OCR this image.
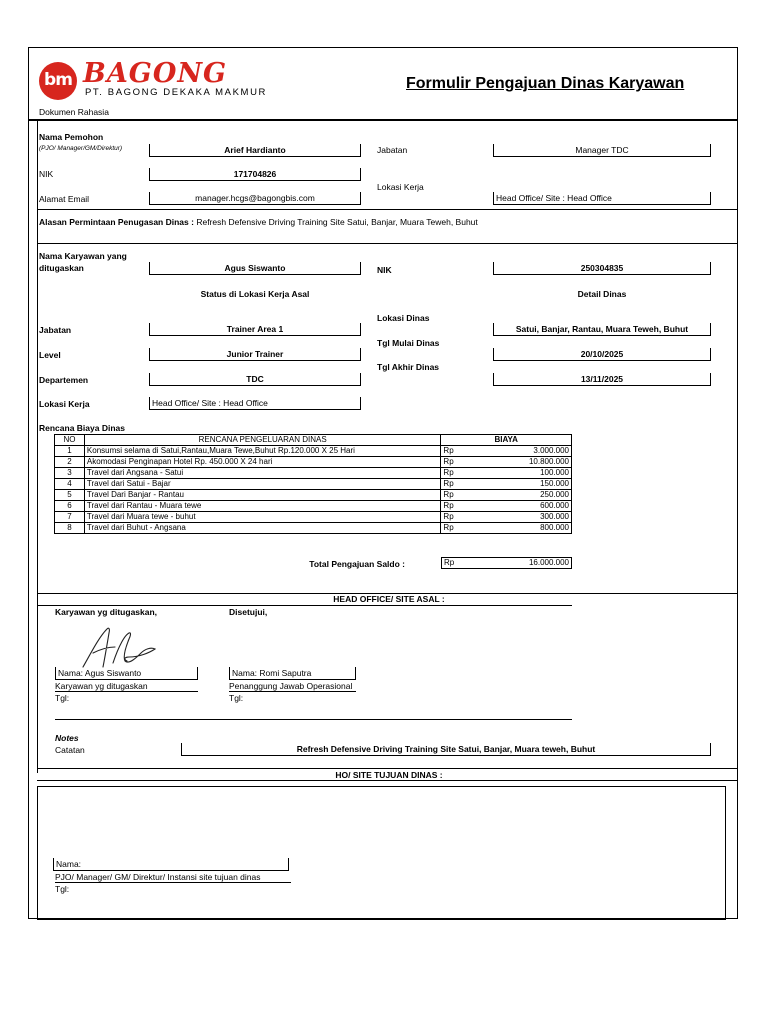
bm BAGONG
PT. BAGONG DEKAKA MAKMUR
Formulir Pengajuan Dinas Karyawan
Dokumen Rahasia
Nama Pemohon
(PJO/ Manager/GM/Direktur)	Arief Hardianto	Jabatan	Manager TDC
NIK	171704826
Lokasi Kerja
Alamat Email	manager.hcgs@bagongbis.com	Head Office/ Site : Head Office
Alasan Permintaan Penugasan Dinas : Refresh Defensive Driving Training Site Satui, Banjar, Muara Teweh, Buhut
Nama Karyawan yang
ditugaskan	Agus Siswanto	NIK	250304835
Status di Lokasi Kerja Asal	Detail Dinas
Lokasi Dinas
Jabatan	Trainer Area 1	Satui, Banjar, Rantau, Muara Teweh, Buhut
Tgl Mulai Dinas
Level	Junior Trainer	20/10/2025
Tgl Akhir Dinas
Departemen	TDC	13/11/2025
Lokasi Kerja	Head Office/ Site : Head Office
Rencana Biaya Dinas
NO	RENCANA PENGELUARAN DINAS	BIAYA	
1	Konsumsi selama di Satui,Rantau,Muara Tewe,Buhut Rp.120.000 X 25 Hari	Rp	3.000.000
2	Akomodasi Penginapan Hotel Rp. 450.000 X 24 hari	Rp	10.800.000
3	Travel dari Angsana - Satui	Rp	100.000
4	Travel dari Satui - Bajar	Rp	150.000
5	Travel Dari Banjar - Rantau	Rp	250.000
6	Travel dari Rantau - Muara tewe	Rp	600.000
7	Travel dari Muara tewe - buhut	Rp	300.000
8	Travel dari Buhut - Angsana	Rp	800.000
Total Pengajuan Saldo :	Rp	16.000.000
HEAD OFFICE/ SITE ASAL :
Karyawan yg ditugaskan,	Disetujui,
Nama: Agus Siswanto	Nama: Romi Saputra
Karyawan yg ditugaskan	Penanggung Jawab Operasional
Tgl:	Tgl:
Notes
Catatan	Refresh Defensive Driving Training Site Satui, Banjar, Muara teweh, Buhut
HO/ SITE TUJUAN DINAS :
Nama:
PJO/ Manager/ GM/ Direktur/ Instansi site tujuan dinas
Tgl:
